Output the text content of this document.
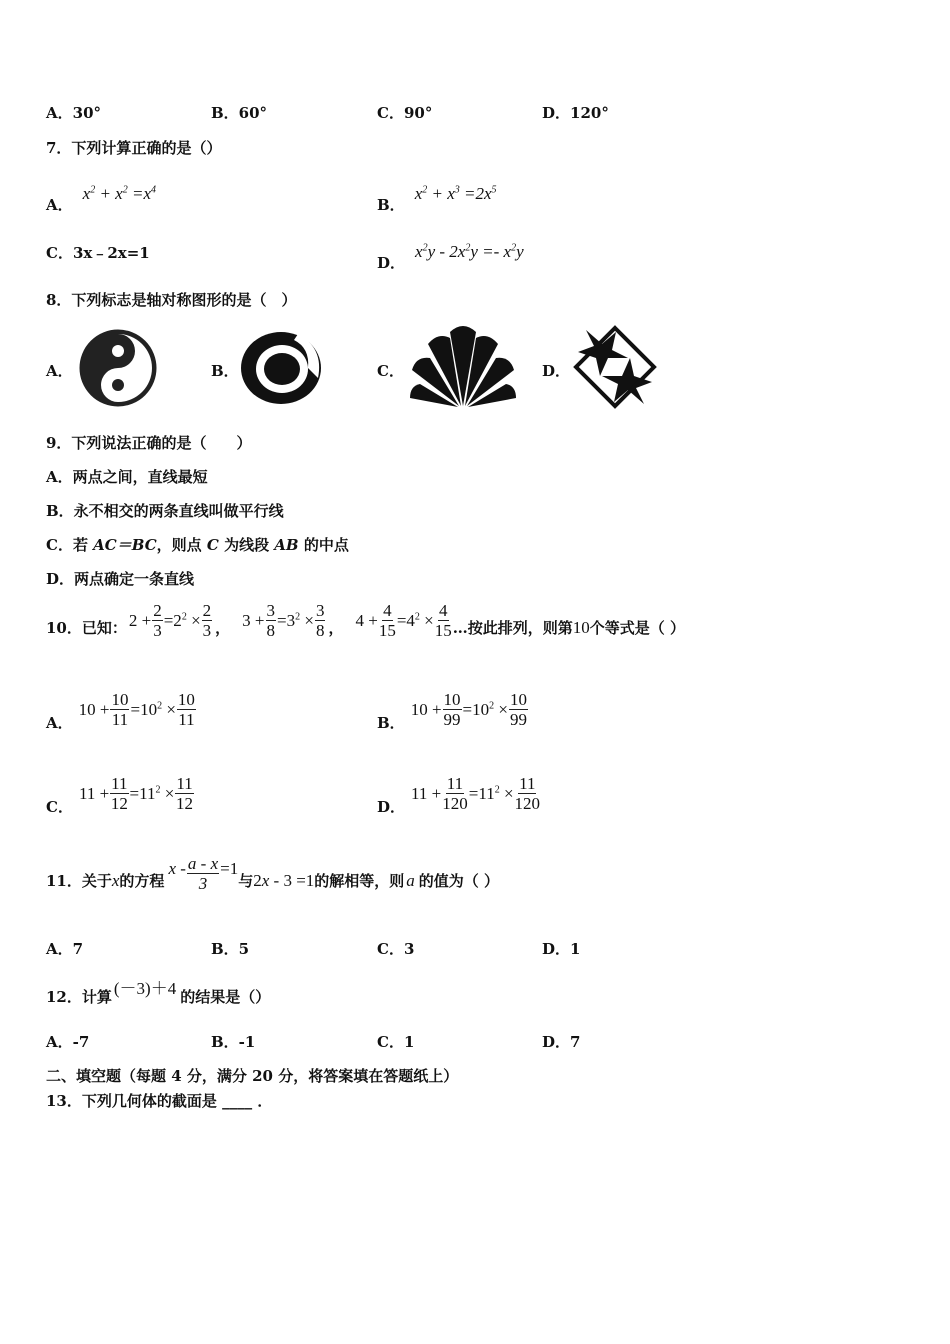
A．30°	B．60°	C．90°	D．120°
7．下列计算正确的是（）
A．
$x^2 + x^2 =x^4$
B．
$x^2 + x^3 =2x^5$
C．3x﹣2x=1
D．
$x^2y - 2x^2y =- x^2y$
8．下列标志是轴对称图形的是（　）
A．	B．	C．	D．
9．下列说法正确的是（　　）
A．两点之间，直线最短
B．永不相交的两条直线叫做平行线
C．若 AC＝BC，则点 C 为线段 AB 的中点
D．两点确定一条直线
10．已知： $2 + \frac{2}{3} =2^2 \times \frac{2}{3}$ ， $3 + \frac{3}{8} =3^2 \times \frac{3}{8}$ ， $4 + \frac{4}{15} =4^2 \times \frac{4}{15}$ …按此排列，则第 10 个等式是（ ）
A．
$10 + \frac{10}{11} =10^2 \times \frac{10}{11}$	B．
$10 + \frac{10}{99} =10^2 \times \frac{10}{99}$
C．
$11 + \frac{11}{12} =11^2 \times \frac{11}{12}$	D．
$11 + \frac{11}{120} =11^2 \times \frac{11}{120}$
11．关于 x 的方程
$x - \frac{a - x}{3} =1$
与 2x - 3 =1 的解相等，则 a 的值为（ ）
A．7	B．5	C．3	D．1
12．计算 (－3)＋4 的结果是（）
A．-7	B．-1	C．1	D．7
二、填空题（每题 4 分，满分 20 分，将答案填在答题纸上）
13．下列几何体的截面是 ____ ．
